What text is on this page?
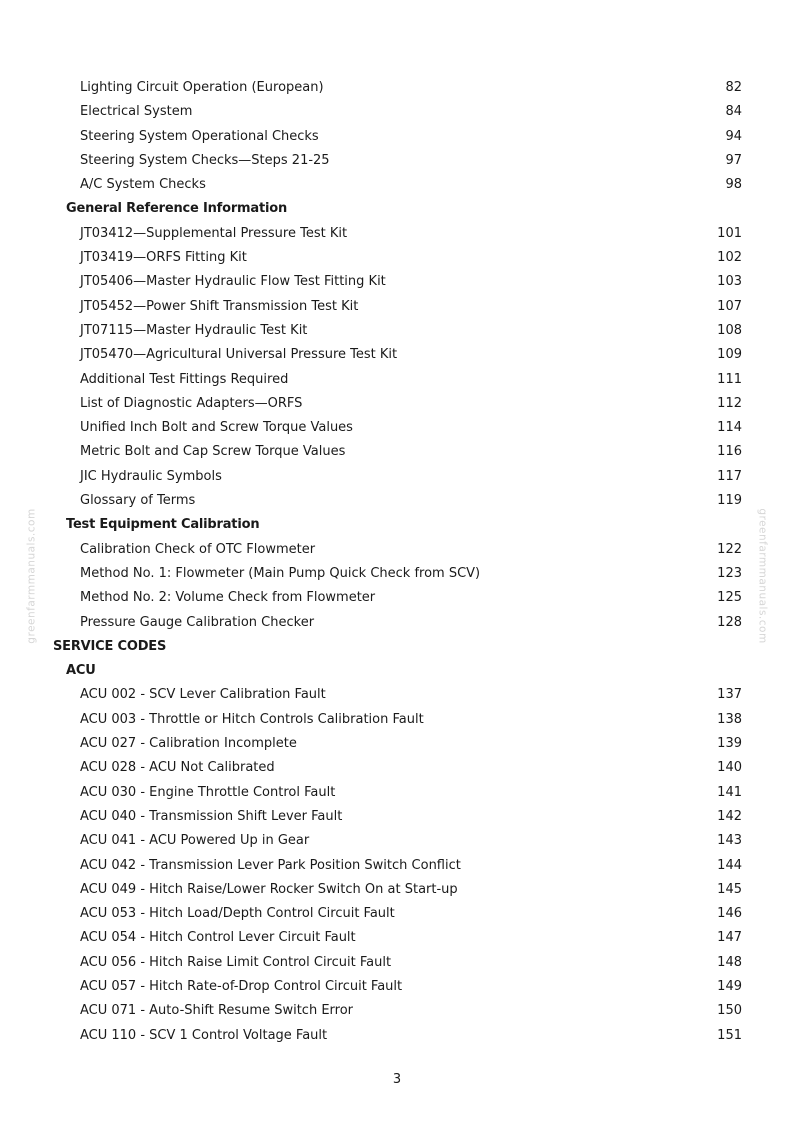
greenfarmmanuals.com	greenfarmmanuals.com
Lighting Circuit Operation (European)	82
Electrical System	84
Steering System Operational Checks	94
Steering System Checks—Steps 21-25	97
A/C System Checks	98
General Reference Information
JT03412—Supplemental Pressure Test Kit	101
JT03419—ORFS Fitting Kit	102
JT05406—Master Hydraulic Flow Test Fitting Kit	103
JT05452—Power Shift Transmission Test Kit	107
JT07115—Master Hydraulic Test Kit	108
JT05470—Agricultural Universal Pressure Test Kit	109
Additional Test Fittings Required	111
List of Diagnostic Adapters—ORFS	112
Unified Inch Bolt and Screw Torque Values	114
Metric Bolt and Cap Screw Torque Values	116
JIC Hydraulic Symbols	117
Glossary of Terms	119
Test Equipment Calibration
Calibration Check of OTC Flowmeter	122
Method No. 1: Flowmeter (Main Pump Quick Check from SCV)	123
Method No. 2: Volume Check from Flowmeter	125
Pressure Gauge Calibration Checker	128
SERVICE CODES
ACU
ACU 002 - SCV Lever Calibration Fault	137
ACU 003 - Throttle or Hitch Controls Calibration Fault	138
ACU 027 - Calibration Incomplete	139
ACU 028 - ACU Not Calibrated	140
ACU 030 - Engine Throttle Control Fault	141
ACU 040 - Transmission Shift Lever Fault	142
ACU 041 - ACU Powered Up in Gear	143
ACU 042 - Transmission Lever Park Position Switch Conflict	144
ACU 049 - Hitch Raise/Lower Rocker Switch On at Start-up	145
ACU 053 - Hitch Load/Depth Control Circuit Fault	146
ACU 054 - Hitch Control Lever Circuit Fault	147
ACU 056 - Hitch Raise Limit Control Circuit Fault	148
ACU 057 - Hitch Rate-of-Drop Control Circuit Fault	149
ACU 071 - Auto-Shift Resume Switch Error	150
ACU 110 - SCV 1 Control Voltage Fault	151
3
